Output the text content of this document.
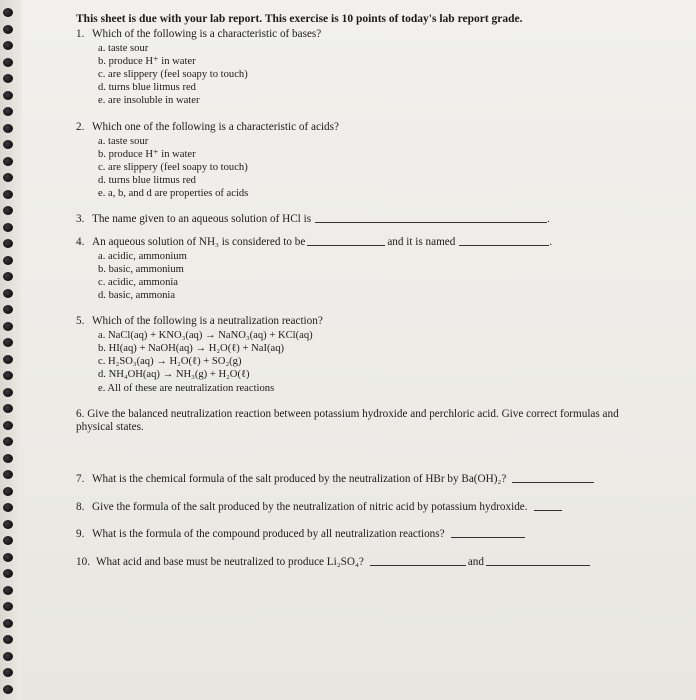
This sheet is due with your lab report. This exercise is 10 points of today's lab report grade.
1. Which of the following is a characteristic of bases?
a. taste sour
b. produce H⁺ in water
c. are slippery (feel soapy to touch)
d. turns blue litmus red
e. are insoluble in water
2. Which one of the following is a characteristic of acids?
a. taste sour
b. produce H⁺ in water
c. are slippery (feel soapy to touch)
d. turns blue litmus red
e. a, b, and d are properties of acids
3. The name given to an aqueous solution of HCl is	.
4. An aqueous solution of NH₃ is considered to be	and it is named	.
a. acidic, ammonium
b. basic, ammonium
c. acidic, ammonia
d. basic, ammonia
5. Which of the following is a neutralization reaction?
a. NaCl(aq) + KNO₃(aq) → NaNO₃(aq) + KCl(aq)
b. HI(aq) + NaOH(aq) → H₂O(ℓ) + NaI(aq)
c. H₂SO₃(aq) → H₂O(ℓ) + SO₂(g)
d. NH₄OH(aq) → NH₃(g) + H₂O(ℓ)
e. All of these are neutralization reactions
6. Give the balanced neutralization reaction between potassium hydroxide and perchloric acid. Give correct formulas and physical states.
7. What is the chemical formula of the salt produced by the neutralization of HBr by Ba(OH)₂?
8. Give the formula of the salt produced by the neutralization of nitric acid by potassium hydroxide.
9. What is the formula of the compound produced by all neutralization reactions?
10. What acid and base must be neutralized to produce Li₂SO₄?	and
